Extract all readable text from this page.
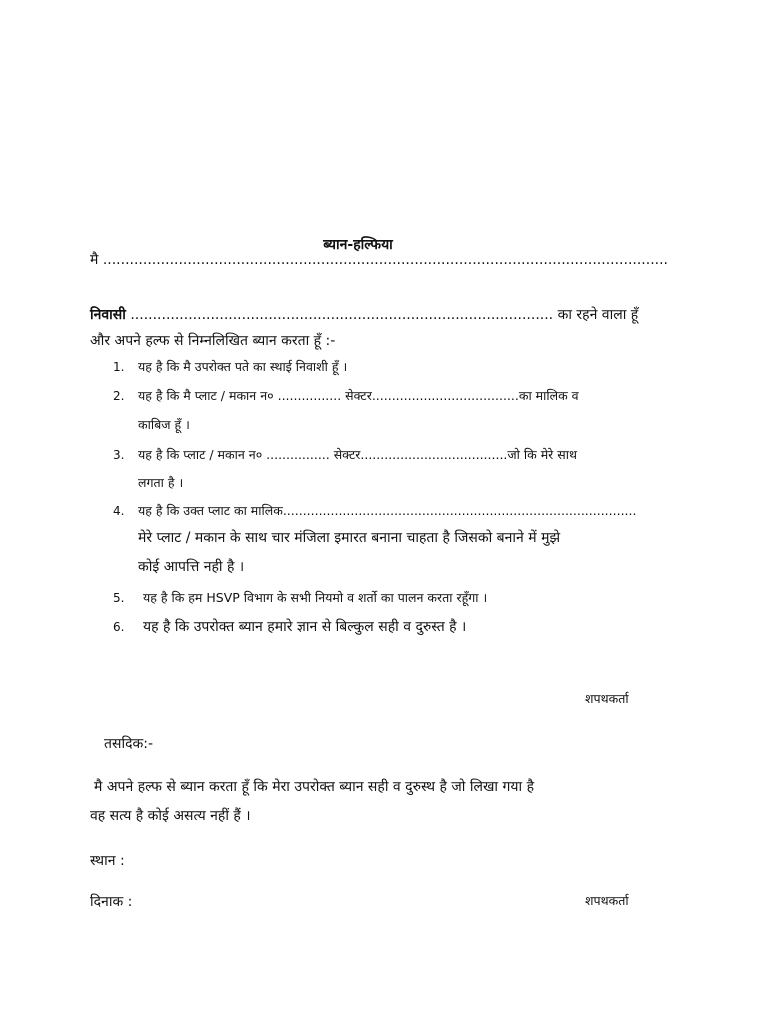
ब्यान-हल्फिया
मै ...............................................................................................................................
निवासी ............................................................................................... का रहने वाला हूँ
और अपने हल्फ से निम्नलिखित ब्यान करता हूँ :-
1. यह है कि मै उपरोक्त पते का स्थाई निवाशी हूँ ।
2. यह है कि मै प्लाट / मकान न० ................ सेक्टर.....................................का मालिक व
काबिज हूँ ।
3. यह है कि प्लाट / मकान न० ................ सेक्टर.....................................जो कि मेरे साथ
लगता है ।
4. यह है कि उक्त प्लाट का मालिक.........................................................................................
मेरे प्लाट / मकान के साथ चार मंजिला इमारत बनाना चाहता है जिसको बनाने में मुझे
कोई आपत्ति नही है ।
5. यह है कि हम HSVP विभाग के सभी नियमो व शर्तो का पालन करता रहूँगा ।
6. यह है कि उपरोक्त ब्यान हमारे ज्ञान से बिल्कुल सही व दुरुस्त है ।
शपथकर्ता
तसदिक:-
मै अपने हल्फ से ब्यान करता हूँ कि मेरा उपरोक्त ब्यान सही व दुरुस्थ है जो लिखा गया है
वह सत्य है कोई असत्य नहीं हैं ।
स्थान :
दिनाक :	शपथकर्ता
